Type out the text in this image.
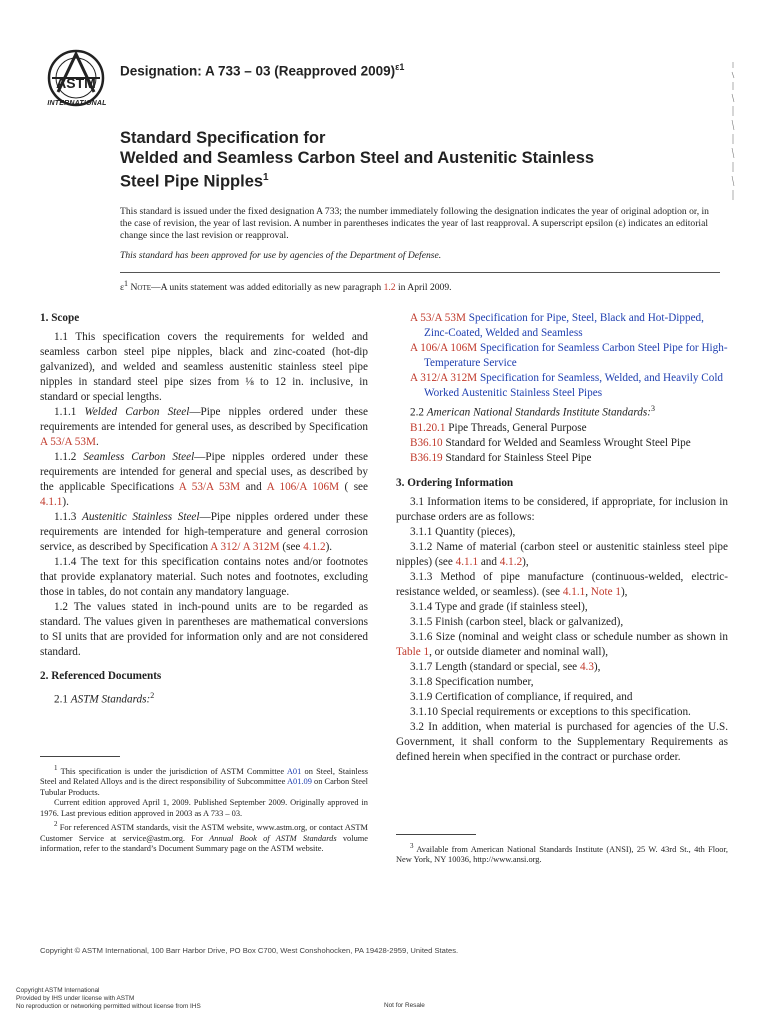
ASTM
INTERNATIONAL
Designation: A 733 – 03 (Reapproved 2009)$^{\varepsilon 1}$
Standard Specification for
Welded and Seamless Carbon Steel and Austenitic Stainless
Steel Pipe Nipples$^1$

This standard is issued under the fixed designation A 733; the number immediately following the designation indicates the year of original adoption or, in the case of revision, the year of last revision. A number in parentheses indicates the year of last reapproval. A superscript epsilon (ε) indicates an editorial change since the last revision or reapproval.

This standard has been approved for use by agencies of the Department of Defense.

$\varepsilon^1$ Note—A units statement was added editorially as new paragraph 1.2 in April 2009.

1. Scope

1.1 This specification covers the requirements for welded and seamless carbon steel pipe nipples, black and zinc-coated (hot-dip galvanized), and welded and seamless austenitic stainless steel pipe nipples in standard steel pipe sizes from ⅛ to 12 in. inclusive, in standard or special lengths.

1.1.1 Welded Carbon Steel—Pipe nipples ordered under these requirements are intended for general uses, as described by Specification A 53/A 53M.

1.1.2 Seamless Carbon Steel—Pipe nipples ordered under these requirements are intended for general and special uses, as described by the applicable Specifications A 53/A 53M and A 106/A 106M ( see 4.1.1).

1.1.3 Austenitic Stainless Steel—Pipe nipples ordered under these requirements are intended for high-temperature and general corrosion service, as described by Specification A 312/ A 312M (see 4.1.2).

1.1.4 The text for this specification contains notes and/or footnotes that provide explanatory material. Such notes and footnotes, excluding those in tables, do not contain any mandatory language.

1.2 The values stated in inch-pound units are to be regarded as standard. The values given in parentheses are mathematical conversions to SI units that are provided for information only and are not considered standard.

2. Referenced Documents

2.1 ASTM Standards:$^2$

$^1$ This specification is under the jurisdiction of ASTM Committee A01 on Steel, Stainless Steel and Related Alloys and is the direct responsibility of Subcommittee A01.09 on Carbon Steel Tubular Products.

Current edition approved April 1, 2009. Published September 2009. Originally approved in 1976. Last previous edition approved in 2003 as A 733 – 03.

$^2$ For referenced ASTM standards, visit the ASTM website, www.astm.org, or contact ASTM Customer Service at service@astm.org. For Annual Book of ASTM Standards volume information, refer to the standard’s Document Summary page on the ASTM website.

A 53/A 53M Specification for Pipe, Steel, Black and Hot-Dipped, Zinc-Coated, Welded and Seamless

A 106/A 106M Specification for Seamless Carbon Steel Pipe for High-Temperature Service

A 312/A 312M Specification for Seamless, Welded, and Heavily Cold Worked Austenitic Stainless Steel Pipes

2.2 American National Standards Institute Standards:$^3$

B1.20.1 Pipe Threads, General Purpose

B36.10 Standard for Welded and Seamless Wrought Steel Pipe

B36.19 Standard for Stainless Steel Pipe

3. Ordering Information

3.1 Information items to be considered, if appropriate, for inclusion in purchase orders are as follows:

3.1.1 Quantity (pieces),

3.1.2 Name of material (carbon steel or austenitic stainless steel pipe nipples) (see 4.1.1 and 4.1.2),

3.1.3 Method of pipe manufacture (continuous-welded, electric-resistance welded, or seamless). (see 4.1.1, Note 1),

3.1.4 Type and grade (if stainless steel),

3.1.5 Finish (carbon steel, black or galvanized),

3.1.6 Size (nominal and weight class or schedule number as shown in Table 1, or outside diameter and nominal wall),

3.1.7 Length (standard or special, see 4.3),

3.1.8 Specification number,

3.1.9 Certification of compliance, if required, and

3.1.10 Special requirements or exceptions to this specification.

3.2 In addition, when material is purchased for agencies of the U.S. Government, it shall conform to the Supplementary Requirements as defined herein when specified in the contract or purchase order.

$^3$ Available from American National Standards Institute (ANSI), 25 W. 43rd St., 4th Floor, New York, NY 10036, http://www.ansi.org.

Copyright © ASTM International, 100 Barr Harbor Drive, PO Box C700, West Conshohocken, PA 19428-2959, United States.
Copyright ASTM International
Provided by IHS under license with ASTM
No reproduction or networking permitted without license from IHS	Not for Resale
